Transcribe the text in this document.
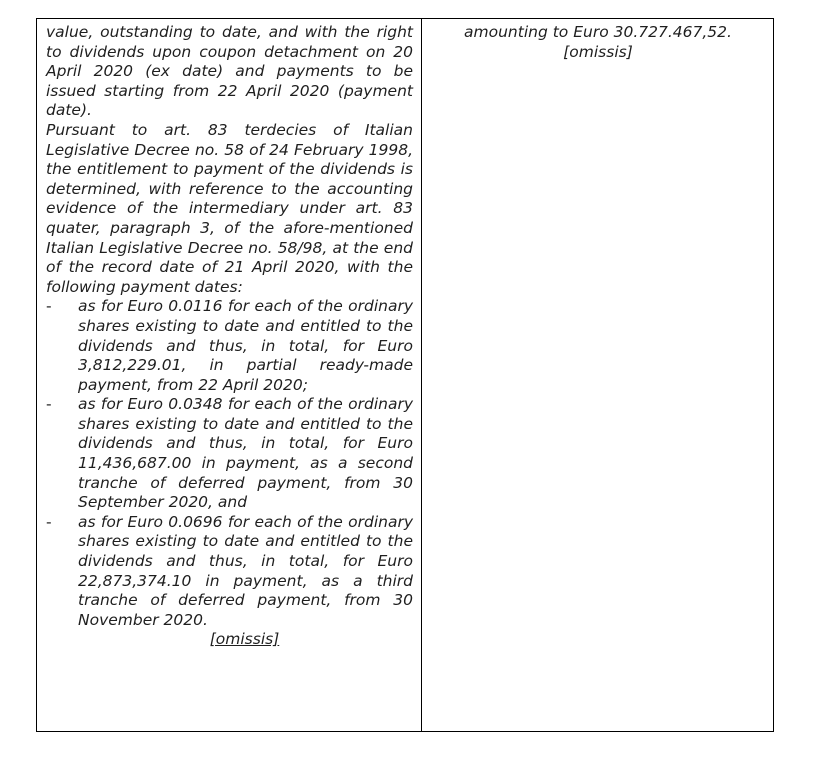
value, outstanding to date, and with the right to dividends upon coupon detachment on 20 April 2020 (ex date) and payments to be issued starting from 22 April 2020 (payment date).

Pursuant to art. 83 terdecies of Italian Legislative Decree no. 58 of 24 February 1998, the entitlement to payment of the dividends is determined, with reference to the accounting evidence of the intermediary under art. 83 quater, paragraph 3, of the afore-mentioned Italian Legislative Decree no. 58/98, at the end of the record date of 21 April 2020, with the following payment dates:

- as for Euro 0.0116 for each of the ordinary shares existing to date and entitled to the dividends and thus, in total, for Euro 3,812,229.01, in partial ready-made payment, from 22 April 2020;

- as for Euro 0.0348 for each of the ordinary shares existing to date and entitled to the dividends and thus, in total, for Euro 11,436,687.00 in payment, as a second tranche of deferred payment, from 30 September 2020, and

- as for Euro 0.0696 for each of the ordinary shares existing to date and entitled to the dividends and thus, in total, for Euro 22,873,374.10 in payment, as a third tranche of deferred payment, from 30 November 2020.

[omissis]

amounting to Euro 30.727.467,52.

[omissis]
